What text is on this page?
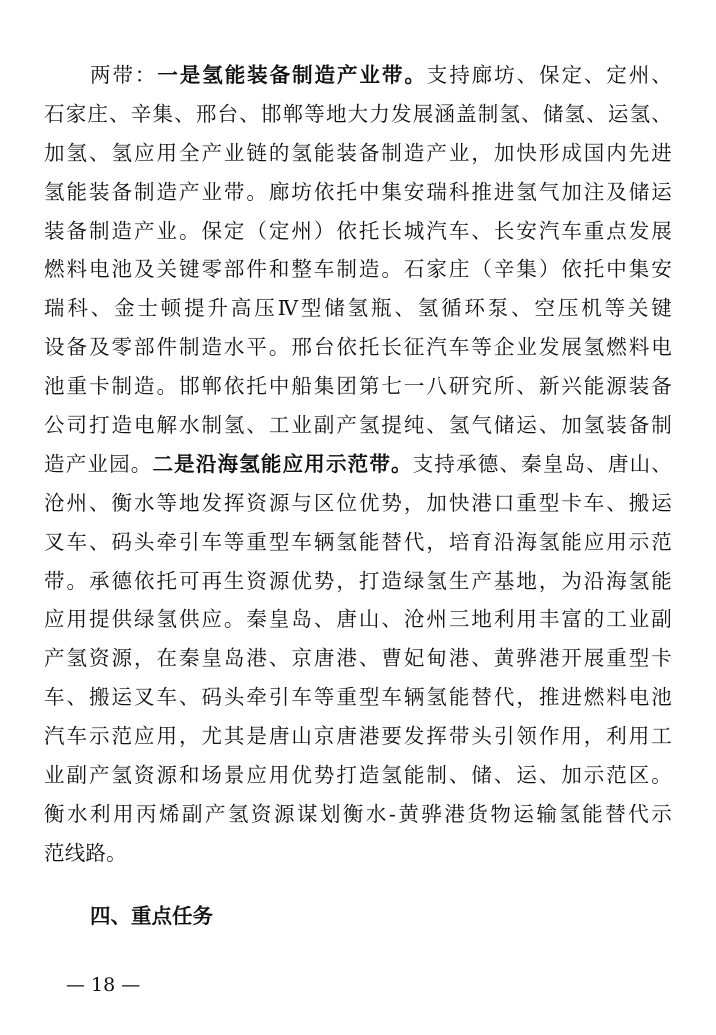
两带：一是氢能装备制造产业带。支持廊坊、保定、定州、
石家庄、辛集、邢台、邯郸等地大力发展涵盖制氢、储氢、运氢、
加氢、氢应用全产业链的氢能装备制造产业，加快形成国内先进
氢能装备制造产业带。廊坊依托中集安瑞科推进氢气加注及储运
装备制造产业。保定（定州）依托长城汽车、长安汽车重点发展
燃料电池及关键零部件和整车制造。石家庄（辛集）依托中集安
瑞科、金士顿提升高压Ⅳ型储氢瓶、氢循环泵、空压机等关键
设备及零部件制造水平。邢台依托长征汽车等企业发展氢燃料电
池重卡制造。邯郸依托中船集团第七一八研究所、新兴能源装备
公司打造电解水制氢、工业副产氢提纯、氢气储运、加氢装备制
造产业园。二是沿海氢能应用示范带。支持承德、秦皇岛、唐山、
沧州、衡水等地发挥资源与区位优势，加快港口重型卡车、搬运
叉车、码头牵引车等重型车辆氢能替代，培育沿海氢能应用示范
带。承德依托可再生资源优势，打造绿氢生产基地，为沿海氢能
应用提供绿氢供应。秦皇岛、唐山、沧州三地利用丰富的工业副
产氢资源，在秦皇岛港、京唐港、曹妃甸港、黄骅港开展重型卡
车、搬运叉车、码头牵引车等重型车辆氢能替代，推进燃料电池
汽车示范应用，尤其是唐山京唐港要发挥带头引领作用，利用工
业副产氢资源和场景应用优势打造氢能制、储、运、加示范区。
衡水利用丙烯副产氢资源谋划衡水-黄骅港货物运输氢能替代示
范线路。
四、重点任务
— 18 —
